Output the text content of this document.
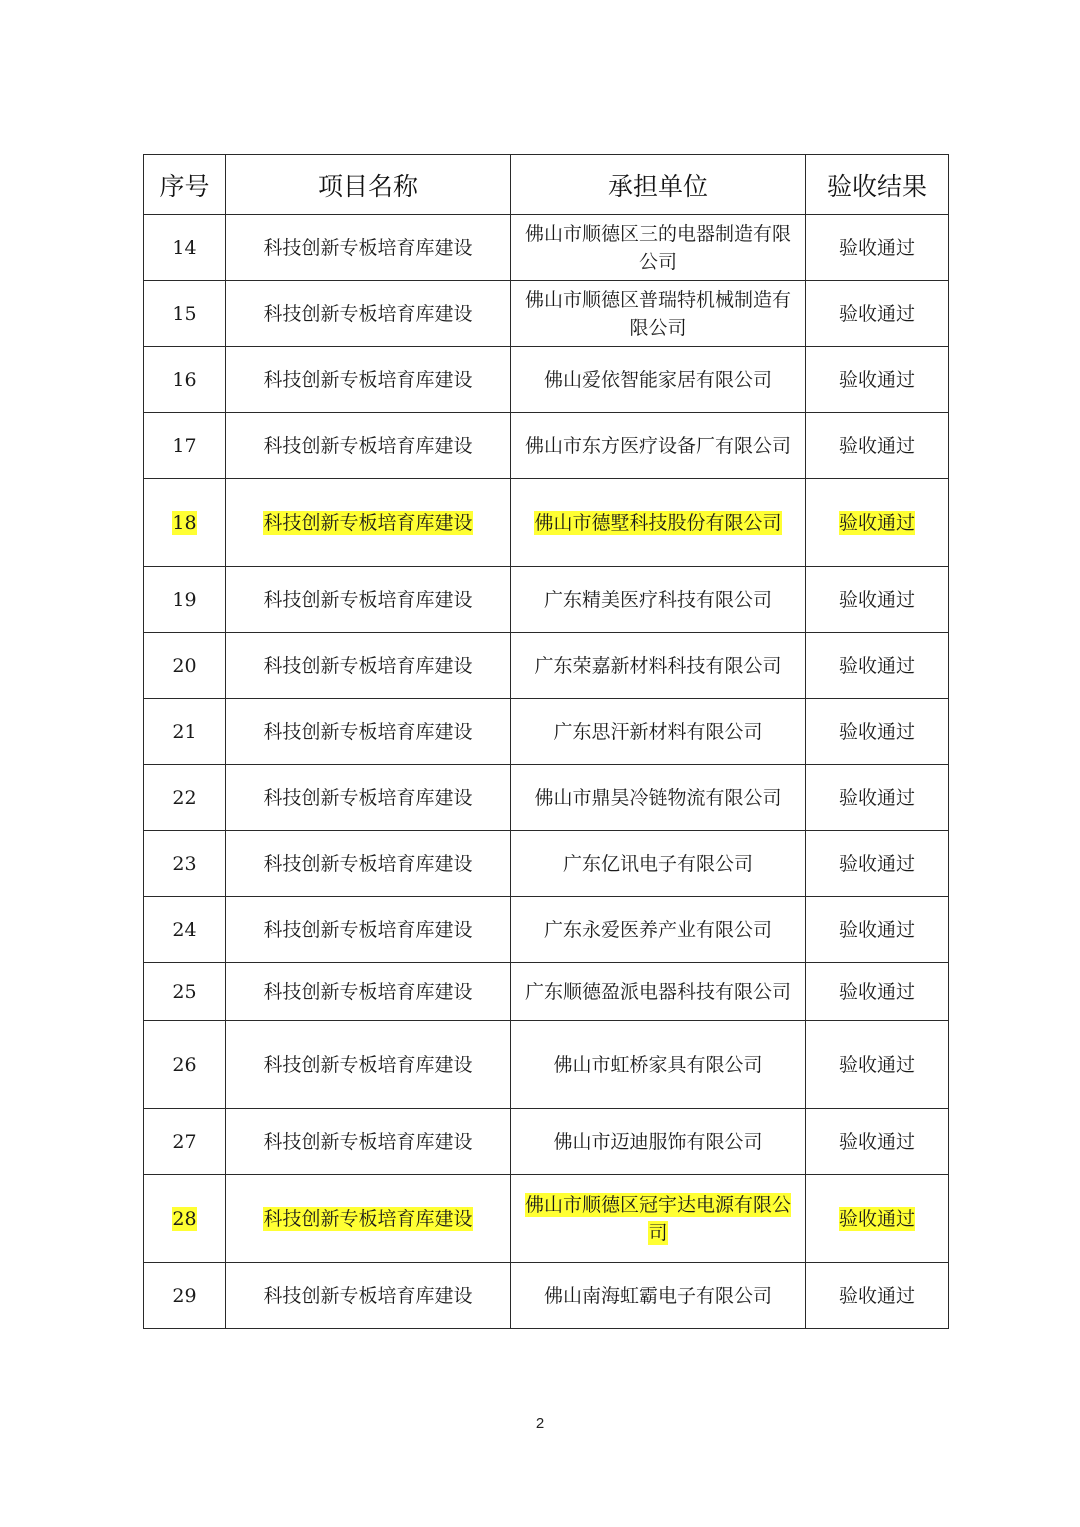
序号	项目名称	承担单位	验收结果
14	科技创新专板培育库建设	佛山市顺德区三的电器制造有限公司	验收通过
15	科技创新专板培育库建设	佛山市顺德区普瑞特机械制造有限公司	验收通过
16	科技创新专板培育库建设	佛山爱依智能家居有限公司	验收通过
17	科技创新专板培育库建设	佛山市东方医疗设备厂有限公司	验收通过
18	科技创新专板培育库建设	佛山市德墅科技股份有限公司	验收通过
19	科技创新专板培育库建设	广东精美医疗科技有限公司	验收通过
20	科技创新专板培育库建设	广东荣嘉新材料科技有限公司	验收通过
21	科技创新专板培育库建设	广东思汗新材料有限公司	验收通过
22	科技创新专板培育库建设	佛山市鼎昊冷链物流有限公司	验收通过
23	科技创新专板培育库建设	广东亿讯电子有限公司	验收通过
24	科技创新专板培育库建设	广东永爱医养产业有限公司	验收通过
25	科技创新专板培育库建设	广东顺德盈派电器科技有限公司	验收通过
26	科技创新专板培育库建设	佛山市虹桥家具有限公司	验收通过
27	科技创新专板培育库建设	佛山市迈迪服饰有限公司	验收通过
28	科技创新专板培育库建设	佛山市顺德区冠宇达电源有限公司	验收通过
29	科技创新专板培育库建设	佛山南海虹霸电子有限公司	验收通过
2
